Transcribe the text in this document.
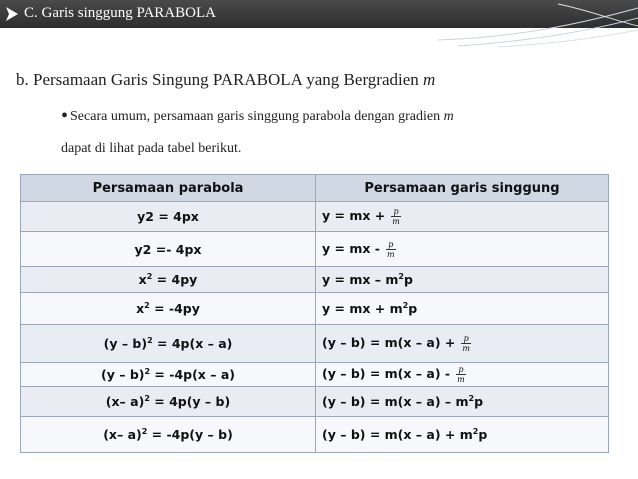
C. Garis singgung PARABOLA
b. Persamaan Garis Singung PARABOLA yang Bergradien m
• Secara umum, persamaan garis singgung parabola dengan gradien m
dapat di lihat pada tabel berikut.
Persamaan parabola	Persamaan garis singgung
y2 = 4px	y = mx + $\frac{p}{m}$

y2 =- 4px	y = mx - $\frac{p}{m}$

$x^2 = 4py$	y = mx – $m^2p$
$x^2 = -4py$	y = mx + $m^2p$
(y – b)$^2$ = 4p(x – a)	$(y - b) = m(x - a) + \frac{p}{m}$

(y – b)$^2$ = -4p(x – a)	$(y - b) = m(x - a) - \frac{p}{m}$

(x– a)$^2$ = 4p(y – b)	$(y - b) = m(x - a) - m^2p$
(x– a)$^2$ = -4p(y – b)	$(y - b) = m(x - a) + m^2p$
